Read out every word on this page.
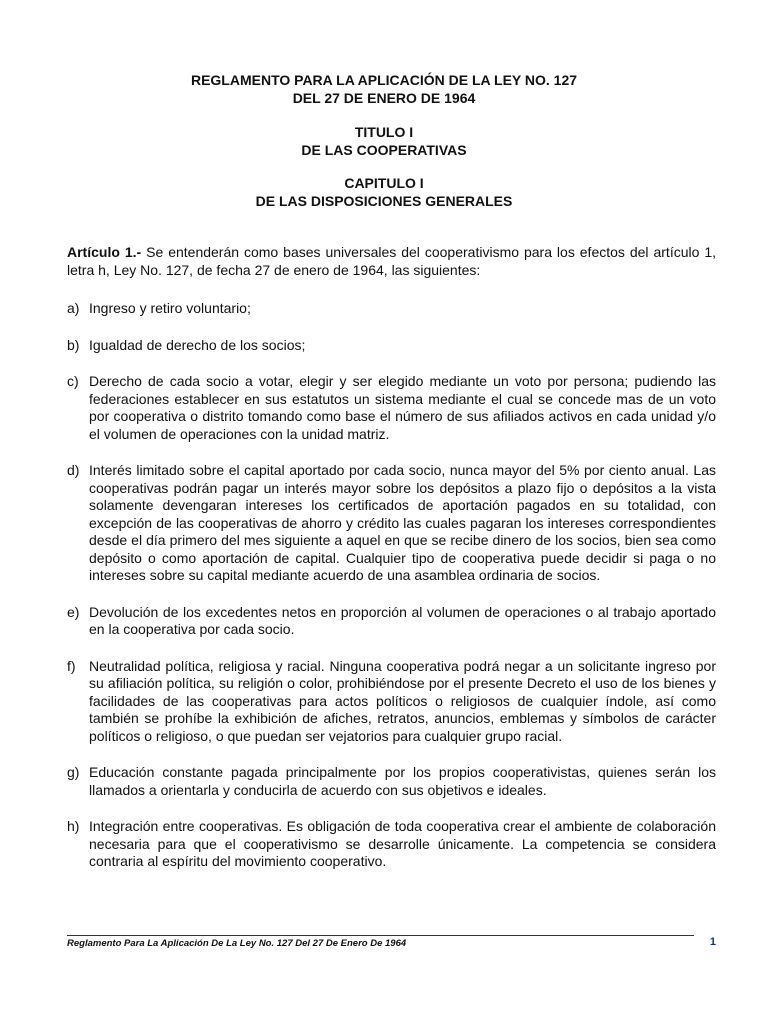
REGLAMENTO PARA LA APLICACIÓN DE LA LEY NO. 127
DEL 27 DE ENERO DE 1964
TITULO I
DE LAS COOPERATIVAS
CAPITULO I
DE LAS DISPOSICIONES GENERALES

Artículo 1.- Se entenderán como bases universales del cooperativismo para los efectos del artículo 1, letra h, Ley No. 127, de fecha 27 de enero de 1964, las siguientes:

a) Ingreso y retiro voluntario;
b) Igualdad de derecho de los socios;
c) Derecho de cada socio a votar, elegir y ser elegido mediante un voto por persona; pudiendo las federaciones establecer en sus estatutos un sistema mediante el cual se concede mas de un voto por cooperativa o distrito tomando como base el número de sus afiliados activos en cada unidad y/o el volumen de operaciones con la unidad matriz.
d) Interés limitado sobre el capital aportado por cada socio, nunca mayor del 5% por ciento anual. Las cooperativas podrán pagar un interés mayor sobre los depósitos a plazo fijo o depósitos a la vista solamente devengaran intereses los certificados de aportación pagados en su totalidad, con excepción de las cooperativas de ahorro y crédito las cuales pagaran los intereses correspondientes desde el día primero del mes siguiente a aquel en que se recibe dinero de los socios, bien sea como depósito o como aportación de capital. Cualquier tipo de cooperativa puede decidir si paga o no intereses sobre su capital mediante acuerdo de una asamblea ordinaria de socios.
e) Devolución de los excedentes netos en proporción al volumen de operaciones o al trabajo aportado en la cooperativa por cada socio.
f) Neutralidad política, religiosa y racial. Ninguna cooperativa podrá negar a un solicitante ingreso por su afiliación política, su religión o color, prohibiéndose por el presente Decreto el uso de los bienes y facilidades de las cooperativas para actos políticos o religiosos de cualquier índole, así como también se prohíbe la exhibición de afiches, retratos, anuncios, emblemas y símbolos de carácter políticos o religioso, o que puedan ser vejatorios para cualquier grupo racial.
g) Educación constante pagada principalmente por los propios cooperativistas, quienes serán los llamados a orientarla y conducirla de acuerdo con sus objetivos e ideales.
h) Integración entre cooperativas. Es obligación de toda cooperativa crear el ambiente de colaboración necesaria para que el cooperativismo se desarrolle únicamente. La competencia se considera contraria al espíritu del movimiento cooperativo.
Reglamento Para La Aplicación De La Ley No. 127 Del 27 De Enero De 1964	1
